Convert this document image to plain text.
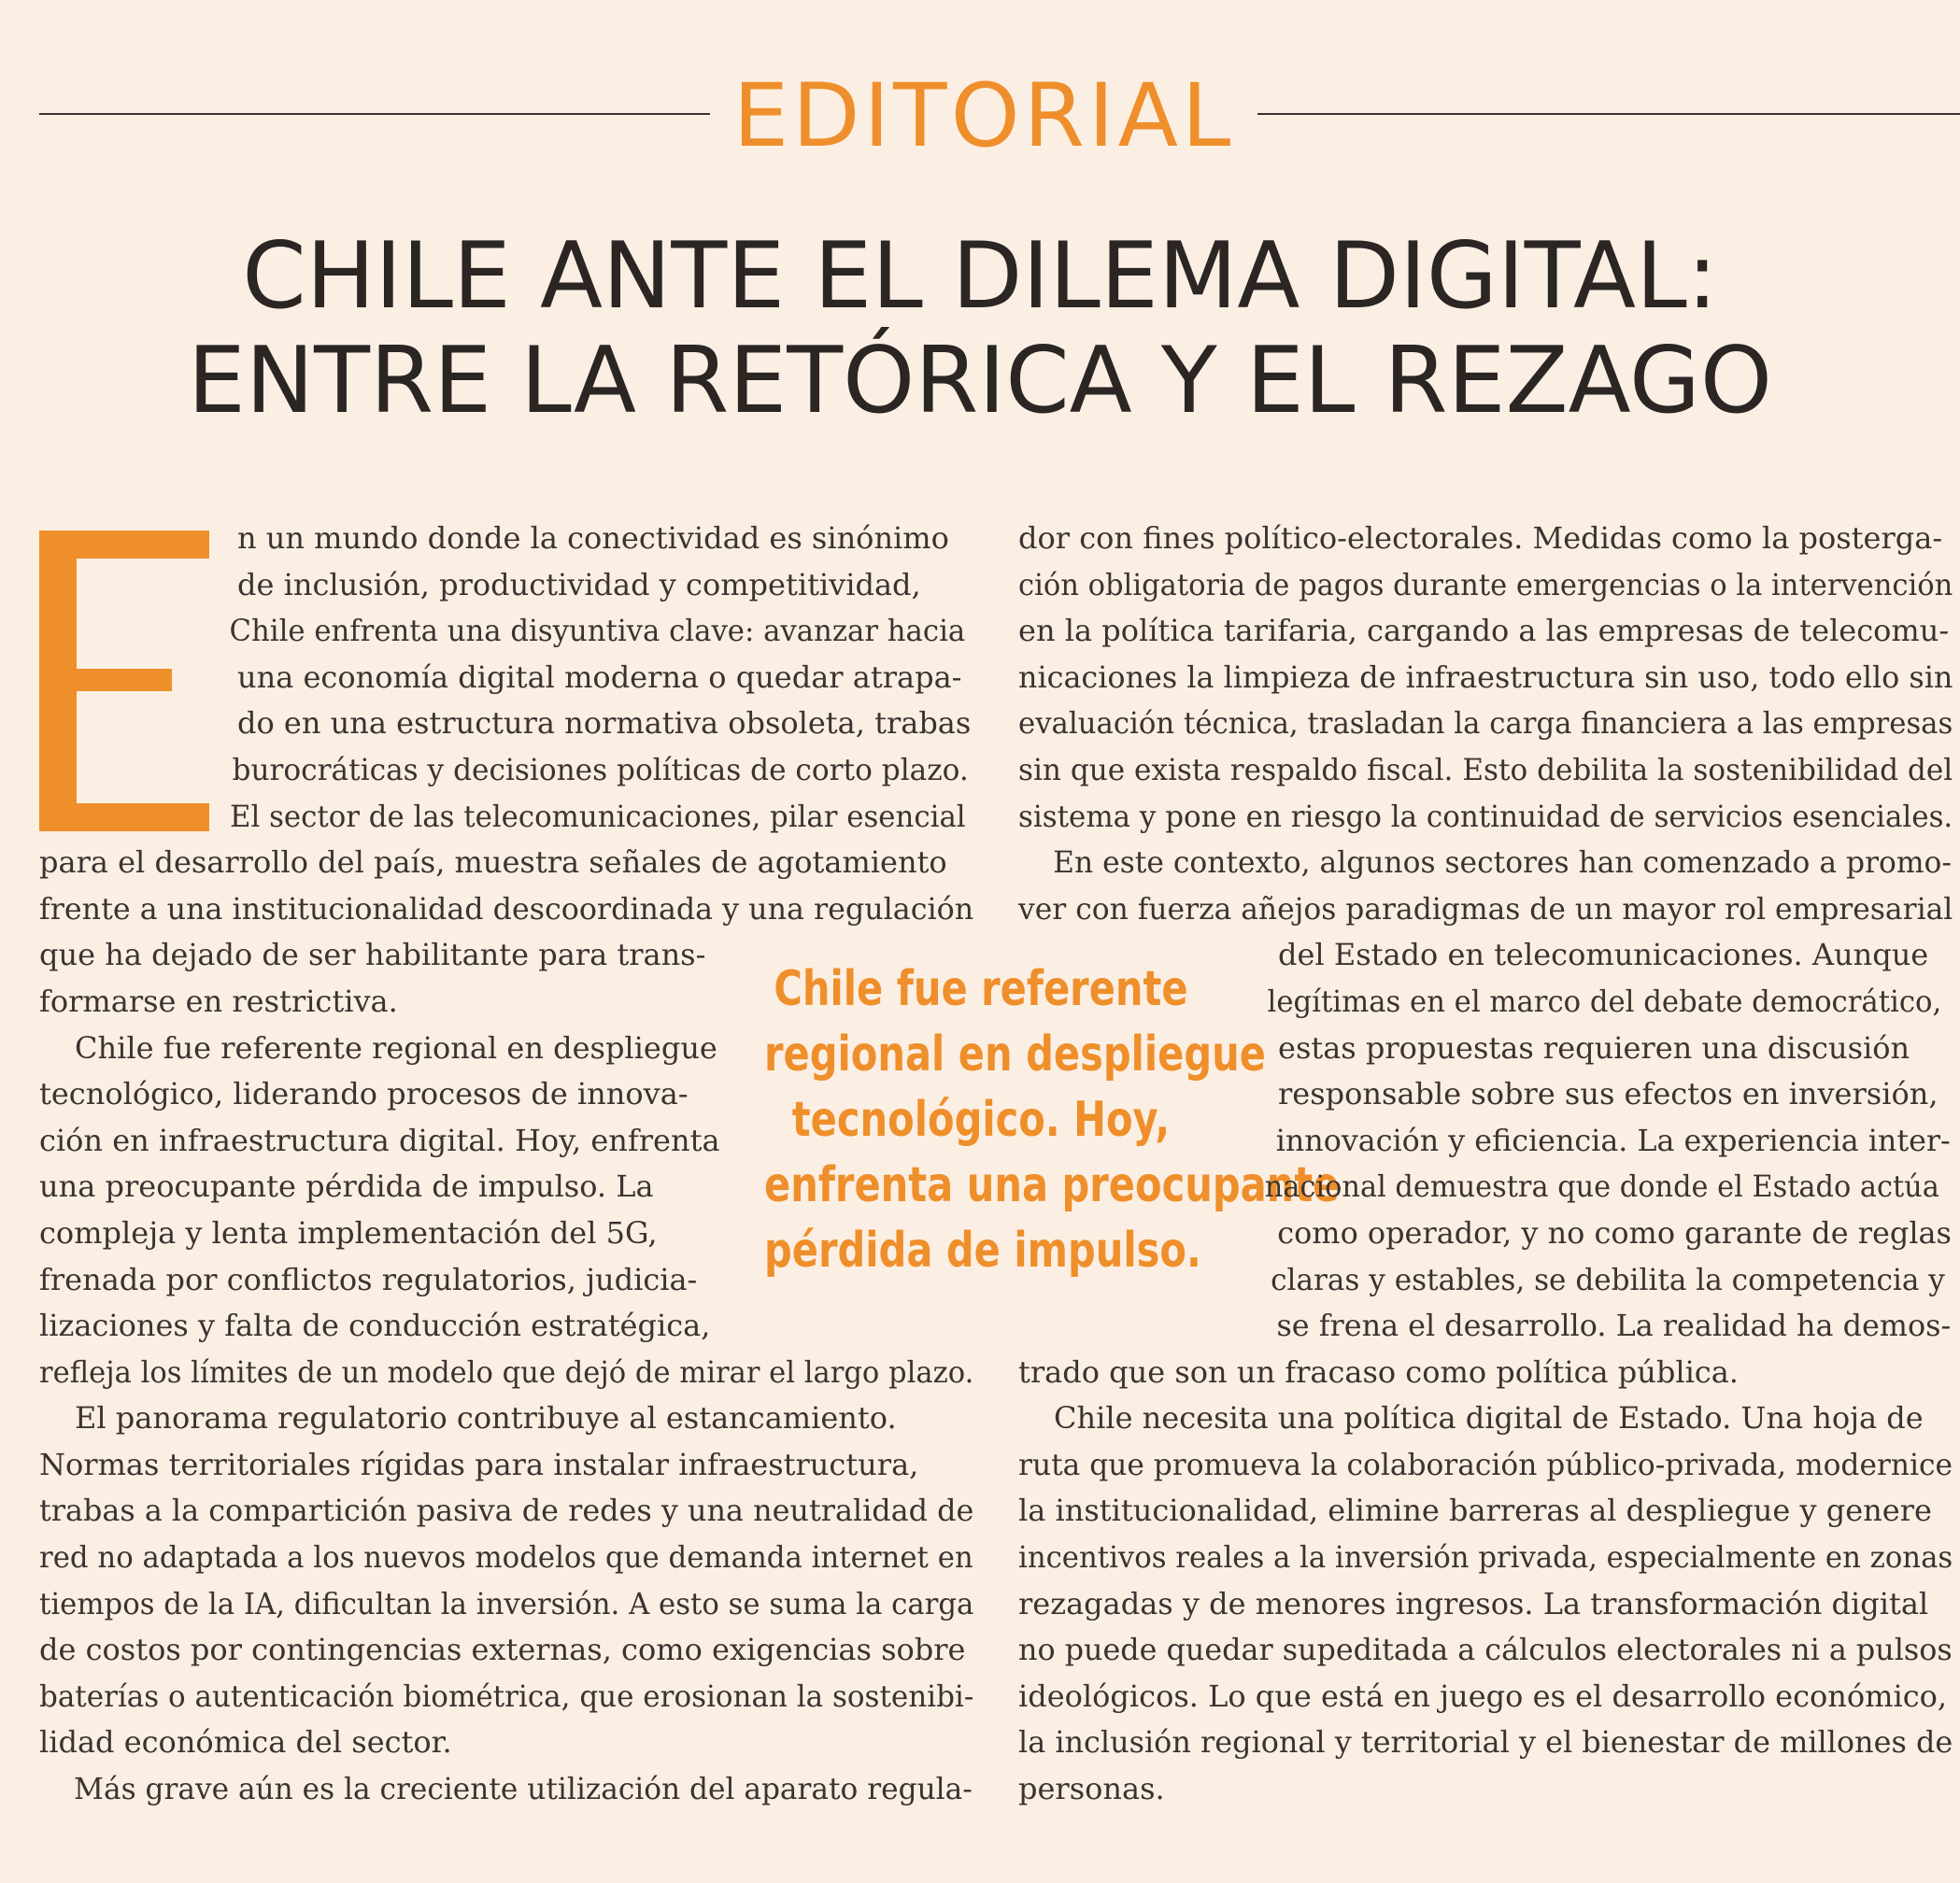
EDITORIAL
CHILE ANTE EL DILEMA DIGITAL:
ENTRE LA RETÓRICA Y EL REZAGO
n un mundo donde la conectividad es sinónimo
de inclusión, productividad y competitividad,
Chile enfrenta una disyuntiva clave: avanzar hacia
una economía digital moderna o quedar atrapa-
do en una estructura normativa obsoleta, trabas
burocráticas y decisiones políticas de corto plazo.
El sector de las telecomunicaciones, pilar esencial
para el desarrollo del país, muestra señales de agotamiento
frente a una institucionalidad descoordinada y una regulación
que ha dejado de ser habilitante para trans-
formarse en restrictiva.
Chile fue referente regional en despliegue
tecnológico, liderando procesos de innova-
ción en infraestructura digital. Hoy, enfrenta
una preocupante pérdida de impulso. La
compleja y lenta implementación del 5G,
frenada por conflictos regulatorios, judicia-
lizaciones y falta de conducción estratégica,
refleja los límites de un modelo que dejó de mirar el largo plazo.
El panorama regulatorio contribuye al estancamiento.
Normas territoriales rígidas para instalar infraestructura,
trabas a la compartición pasiva de redes y una neutralidad de
red no adaptada a los nuevos modelos que demanda internet en
tiempos de la IA, dificultan la inversión. A esto se suma la carga
de costos por contingencias externas, como exigencias sobre
baterías o autenticación biométrica, que erosionan la sostenibi-
lidad económica del sector.
Más grave aún es la creciente utilización del aparato regula-
Chile fue referente
regional en despliegue
tecnológico. Hoy,
enfrenta una preocupante
pérdida de impulso.
dor con fines político-electorales. Medidas como la posterga-
ción obligatoria de pagos durante emergencias o la intervención
en la política tarifaria, cargando a las empresas de telecomu-
nicaciones la limpieza de infraestructura sin uso, todo ello sin
evaluación técnica, trasladan la carga financiera a las empresas
sin que exista respaldo fiscal. Esto debilita la sostenibilidad del
sistema y pone en riesgo la continuidad de servicios esenciales.
En este contexto, algunos sectores han comenzado a promo-
ver con fuerza añejos paradigmas de un mayor rol empresarial
del Estado en telecomunicaciones. Aunque
legítimas en el marco del debate democrático,
estas propuestas requieren una discusión
responsable sobre sus efectos en inversión,
innovación y eficiencia. La experiencia inter-
nacional demuestra que donde el Estado actúa
como operador, y no como garante de reglas
claras y estables, se debilita la competencia y
se frena el desarrollo. La realidad ha demos-
trado que son un fracaso como política pública.
Chile necesita una política digital de Estado. Una hoja de
ruta que promueva la colaboración público-privada, modernice
la institucionalidad, elimine barreras al despliegue y genere
incentivos reales a la inversión privada, especialmente en zonas
rezagadas y de menores ingresos. La transformación digital
no puede quedar supeditada a cálculos electorales ni a pulsos
ideológicos. Lo que está en juego es el desarrollo económico,
la inclusión regional y territorial y el bienestar de millones de
personas.
